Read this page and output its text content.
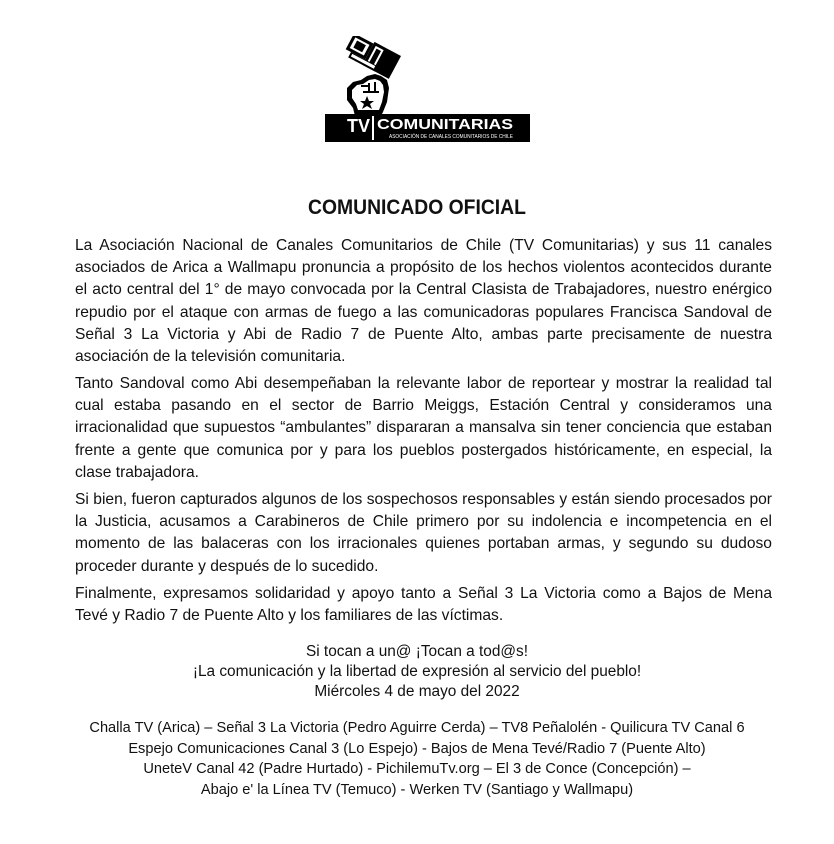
TV COMUNITARIAS
ASOCIACIÓN DE CANALES COMUNITARIOS DE CHILE
COMUNICADO OFICIAL

La Asociación Nacional de Canales Comunitarios de Chile (TV Comunitarias) y sus 11 canales asociados de Arica a Wallmapu pronuncia a propósito de los hechos violentos acontecidos durante el acto central del 1° de mayo convocada por la Central Clasista de Trabajadores, nuestro enérgico repudio por el ataque con armas de fuego a las comunicadoras populares Francisca Sandoval de Señal 3 La Victoria y Abi de Radio 7 de Puente Alto, ambas parte precisamente de nuestra asociación de la televisión comunitaria.

Tanto Sandoval como Abi desempeñaban la relevante labor de reportear y mostrar la realidad tal cual estaba pasando en el sector de Barrio Meiggs, Estación Central y consideramos una irracionalidad que supuestos “ambulantes” dispararan a mansalva sin tener conciencia que estaban frente a gente que comunica por y para los pueblos postergados históricamente, en especial, la clase trabajadora.

Si bien, fueron capturados algunos de los sospechosos responsables y están siendo procesados por la Justicia, acusamos a Carabineros de Chile primero por su indolencia e incompetencia en el momento de las balaceras con los irracionales quienes portaban armas, y segundo su dudoso proceder durante y después de lo sucedido.

Finalmente, expresamos solidaridad y apoyo tanto a Señal 3 La Victoria como a Bajos de Mena Tevé y Radio 7 de Puente Alto y los familiares de las víctimas.

Si tocan a un@ ¡Tocan a tod@s!
¡La comunicación y la libertad de expresión al servicio del pueblo!
Miércoles 4 de mayo del 2022
Challa TV (Arica) – Señal 3 La Victoria (Pedro Aguirre Cerda) – TV8 Peñalolén - Quilicura TV Canal 6
Espejo Comunicaciones Canal 3 (Lo Espejo) - Bajos de Mena Tevé/Radio 7 (Puente Alto)
UneteV Canal 42 (Padre Hurtado) - PichilemuTv.org – El 3 de Conce (Concepción) –
Abajo e' la Línea TV (Temuco) - Werken TV (Santiago y Wallmapu)
